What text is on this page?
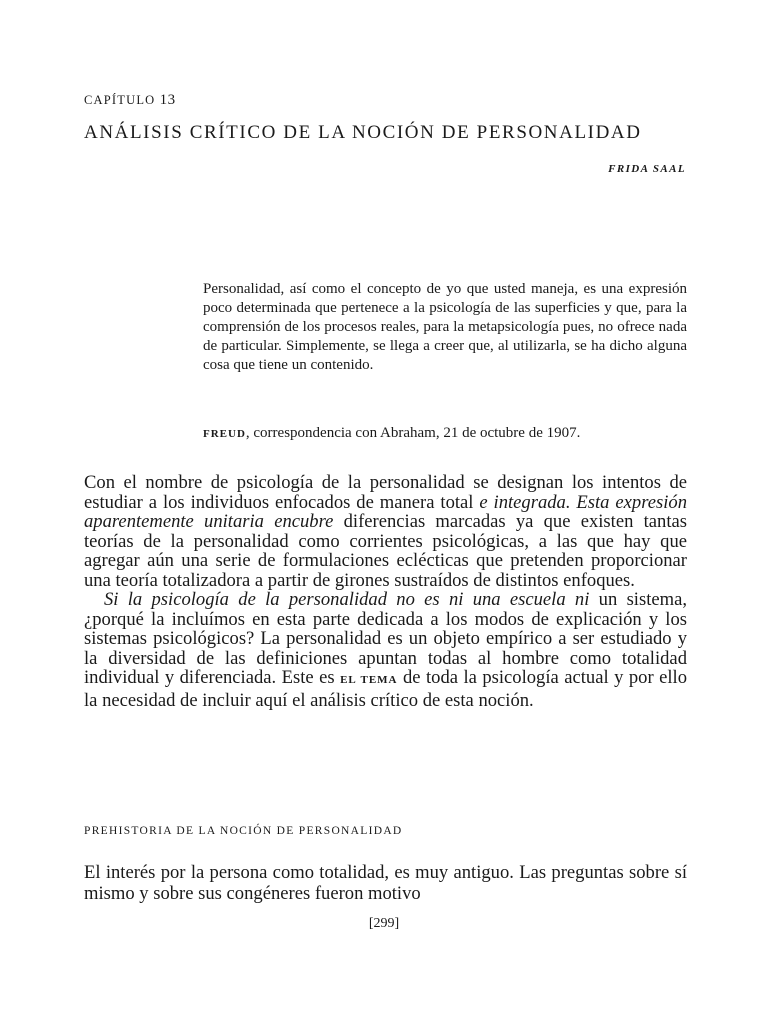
CAPÍTULO 13
ANÁLISIS CRÍTICO DE LA NOCIÓN DE PERSONALIDAD
FRIDA SAAL

Personalidad, así como el concepto de yo que usted maneja, es una expresión poco determinada que pertenece a la psicología de las superficies y que, para la comprensión de los procesos reales, para la metapsicología pues, no ofrece nada de particular. Simplemente, se llega a creer que, al utilizarla, se ha dicho alguna cosa que tiene un contenido.

FREUD, correspondencia con Abraham, 21 de octubre de 1907.

Con el nombre de psicología de la personalidad se designan los intentos de estudiar a los individuos enfocados de manera total e integrada. Esta expresión aparentemente unitaria encubre diferencias marcadas ya que existen tantas teorías de la personalidad como corrientes psicológicas, a las que hay que agregar aún una serie de formulaciones eclécticas que pretenden proporcionar una teoría totalizadora a partir de girones sustraídos de distintos enfoques.

Si la psicología de la personalidad no es ni una escuela ni un sistema, ¿porqué la incluímos en esta parte dedicada a los modos de explicación y los sistemas psicológicos? La personalidad es un objeto empírico a ser estudiado y la diversidad de las definiciones apuntan todas al hombre como totalidad individual y diferenciada. Este es EL TEMA de toda la psicología actual y por ello la necesidad de incluir aquí el análisis crítico de esta noción.

PREHISTORIA DE LA NOCIÓN DE PERSONALIDAD

El interés por la persona como totalidad, es muy antiguo. Las preguntas sobre sí mismo y sobre sus congéneres fueron motivo

[299]
